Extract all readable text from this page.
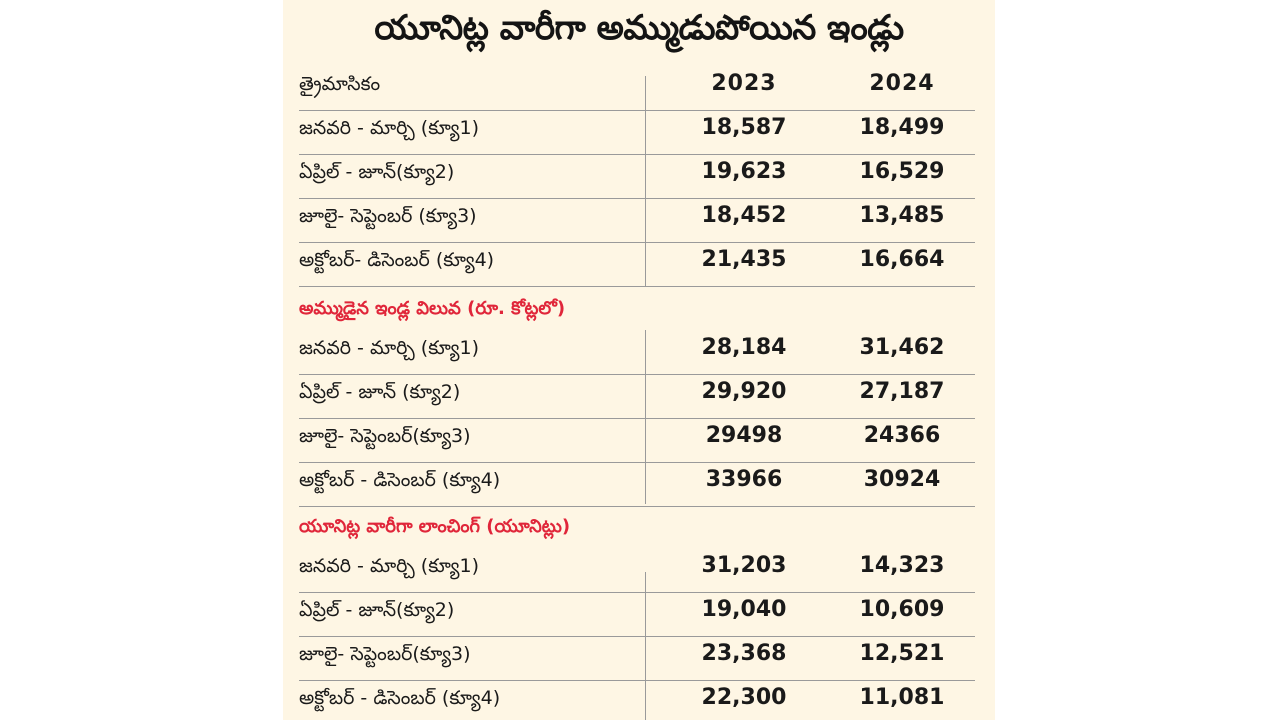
యూనిట్ల వారీగా అమ్ముడుపోయిన ఇండ్లు
త్రైమాసికం	2023	2024
జనవరి - మార్చి (క్యూ1)	18,587	18,499
ఏప్రిల్ - జూన్(క్యూ2)	19,623	16,529
జూలై- సెప్టెంబర్ (క్యూ3)	18,452	13,485
అక్టోబర్- డిసెంబర్ (క్యూ4)	21,435	16,664
అమ్ముడైన ఇండ్ల విలువ (రూ. కోట్లలో)
జనవరి - మార్చి (క్యూ1)	28,184	31,462
ఏప్రిల్ - జూన్ (క్యూ2)	29,920	27,187
జూలై- సెప్టెంబర్(క్యూ3)	29498	24366
అక్టోబర్ - డిసెంబర్ (క్యూ4)	33966	30924
యూనిట్ల వారీగా లాంచింగ్ (యూనిట్లు)
జనవరి - మార్చి (క్యూ1)	31,203	14,323
ఏప్రిల్ - జూన్(క్యూ2)	19,040	10,609
జూలై- సెప్టెంబర్(క్యూ3)	23,368	12,521
అక్టోబర్ - డిసెంబర్ (క్యూ4)	22,300	11,081
